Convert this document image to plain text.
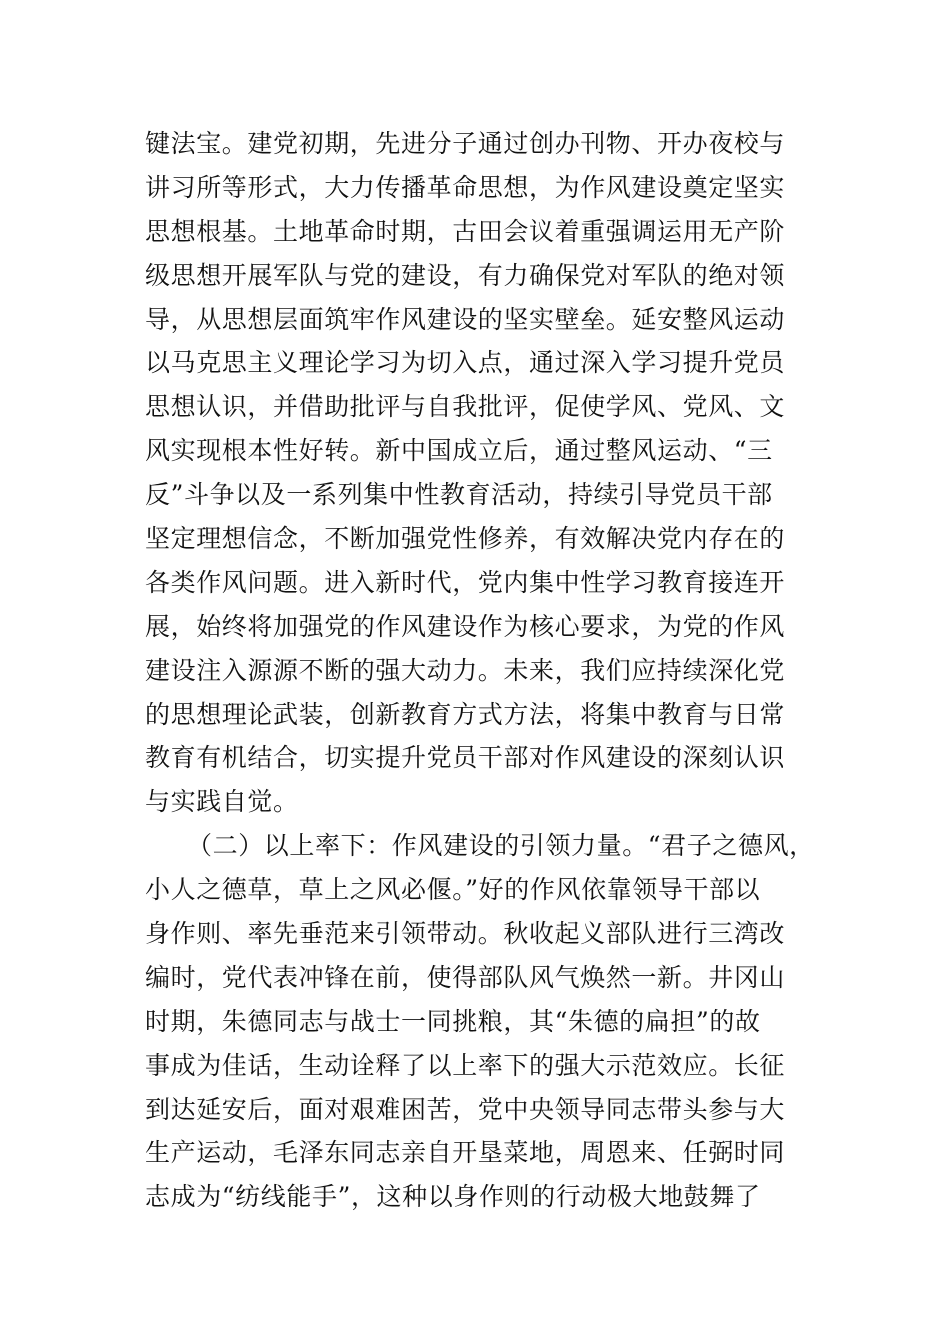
键法宝。建党初期，先进分子通过创办刊物、开办夜校与
讲习所等形式，大力传播革命思想，为作风建设奠定坚实
思想根基。土地革命时期，古田会议着重强调运用无产阶
级思想开展军队与党的建设，有力确保党对军队的绝对领
导，从思想层面筑牢作风建设的坚实壁垒。延安整风运动
以马克思主义理论学习为切入点，通过深入学习提升党员
思想认识，并借助批评与自我批评，促使学风、党风、文
风实现根本性好转。新中国成立后，通过整风运动、“三
反”斗争以及一系列集中性教育活动，持续引导党员干部
坚定理想信念，不断加强党性修养，有效解决党内存在的
各类作风问题。进入新时代，党内集中性学习教育接连开
展，始终将加强党的作风建设作为核心要求，为党的作风
建设注入源源不断的强大动力。未来，我们应持续深化党
的思想理论武装，创新教育方式方法，将集中教育与日常
教育有机结合，切实提升党员干部对作风建设的深刻认识
与实践自觉。
（二）以上率下：作风建设的引领力量。“君子之德风，
小人之德草，草上之风必偃。”好的作风依靠领导干部以
身作则、率先垂范来引领带动。秋收起义部队进行三湾改
编时，党代表冲锋在前，使得部队风气焕然一新。井冈山
时期，朱德同志与战士一同挑粮，其“朱德的扁担”的故
事成为佳话，生动诠释了以上率下的强大示范效应。长征
到达延安后，面对艰难困苦，党中央领导同志带头参与大
生产运动，毛泽东同志亲自开垦菜地，周恩来、任弼时同
志成为“纺线能手”，这种以身作则的行动极大地鼓舞了
